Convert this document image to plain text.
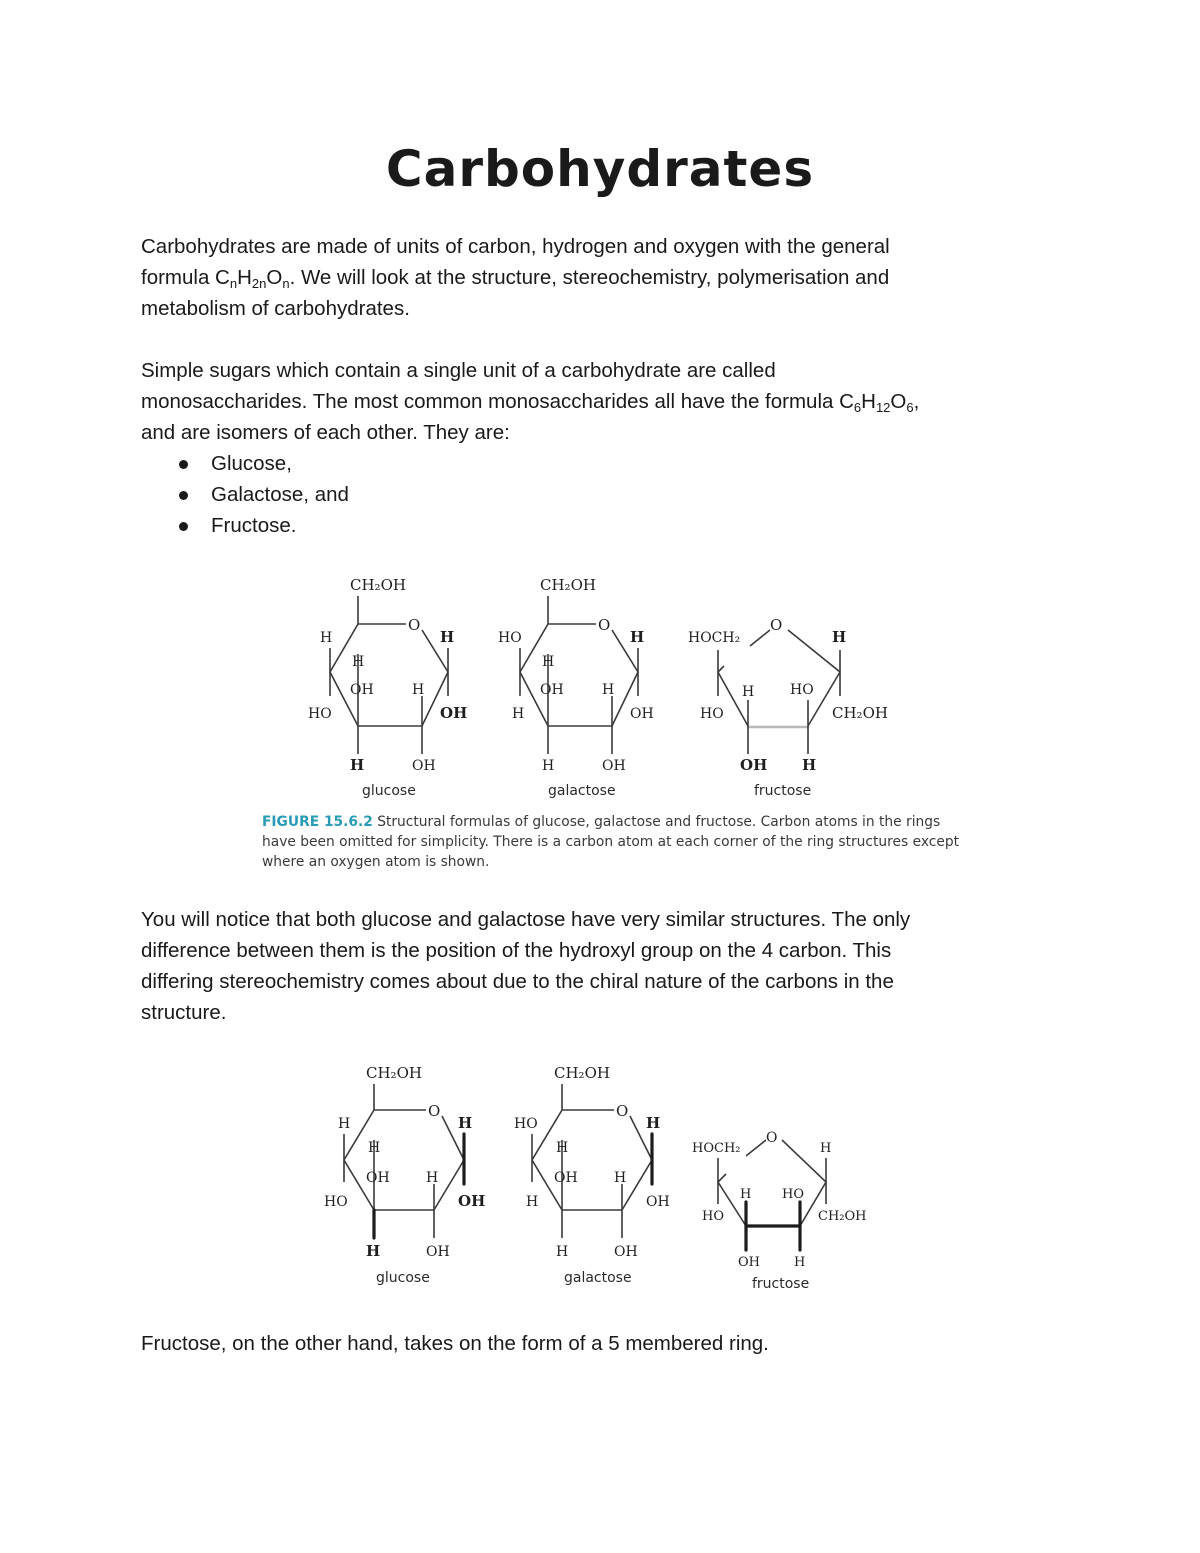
Carbohydrates

Carbohydrates are made of units of carbon, hydrogen and oxygen with the general
formula $C_nH_{2n}O_n$. We will look at the structure, stereochemistry, polymerisation and
metabolism of carbohydrates.

Simple sugars which contain a single unit of a carbohydrate are called
monosaccharides. The most common monosaccharides all have the formula $C_6H_{12}O_6$,
and are isomers of each other. They are:

Glucose,
Galactose, and
Fructose.
CH₂OH
O
H
HO
H
OH
H
OH	H
H	OH
glucose
CH₂OH
O
HO
H
H
OH
H
OH	H
H	OH
galactose
HOCH₂
O
HO
H
CH₂OH
H	HO
OH H
fructose
FIGURE 15.6.2 Structural formulas of glucose, galactose and fructose. Carbon atoms in the rings have been omitted for simplicity. There is a carbon atom at each corner of the ring structures except where an oxygen atom is shown.

You will notice that both glucose and galactose have very similar structures. The only
difference between them is the position of the hydroxyl group on the 4 carbon. This
differing stereochemistry comes about due to the chiral nature of the carbons in the
structure.

CH₂OH
O
H
HO
H
OH
H
OH	H
H	OH
glucose
CH₂OH
O
HO
H
H
OH
H
OH	H
H	OH
galactose
HOCH₂
O
HO
H
CH₂OH
H HO
OH	H
fructose

Fructose, on the other hand, takes on the form of a 5 membered ring.
